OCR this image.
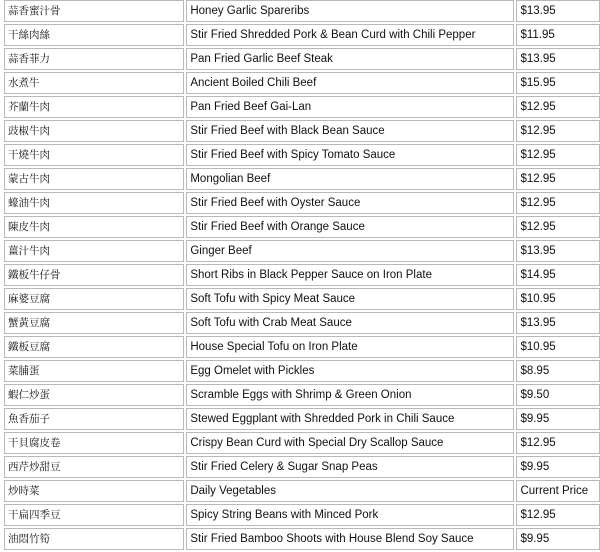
蒜香蜜汁骨	Honey Garlic Spareribs	$13.95
干絲肉絲	Stir Fried Shredded Pork & Bean Curd with Chili Pepper	$11.95
蒜香菲力	Pan Fried Garlic Beef Steak	$13.95
水煮牛	Ancient Boiled Chili Beef	$15.95
芥蘭牛肉	Pan Fried Beef Gai-Lan	$12.95
豉椒牛肉	Stir Fried Beef with Black Bean Sauce	$12.95
干燒牛肉	Stir Fried Beef with Spicy Tomato Sauce	$12.95
蒙古牛肉	Mongolian Beef	$12.95
蠔油牛肉	Stir Fried Beef with Oyster Sauce	$12.95
陳皮牛肉	Stir Fried Beef with Orange Sauce	$12.95
薑汁牛肉	Ginger Beef	$13.95
鐵板牛仔骨	Short Ribs in Black Pepper Sauce on Iron Plate	$14.95
麻婆豆腐	Soft Tofu with Spicy Meat Sauce	$10.95
蟹黃豆腐	Soft Tofu with Crab Meat Sauce	$13.95
鐵板豆腐	House Special Tofu on Iron Plate	$10.95
菜脯蛋	Egg Omelet with Pickles	$8.95
蝦仁炒蛋	Scramble Eggs with Shrimp & Green Onion	$9.50
魚香茄子	Stewed Eggplant with Shredded Pork in Chili Sauce	$9.95
干貝腐皮卷	Crispy Bean Curd with Special Dry Scallop Sauce	$12.95
西芹炒甜豆	Stir Fried Celery & Sugar Snap Peas	$9.95
炒時菜	Daily Vegetables	Current Price
干扁四季豆	Spicy String Beans with Minced Pork	$12.95
油悶竹筍	Stir Fried Bamboo Shoots with House Blend Soy Sauce	$9.95
